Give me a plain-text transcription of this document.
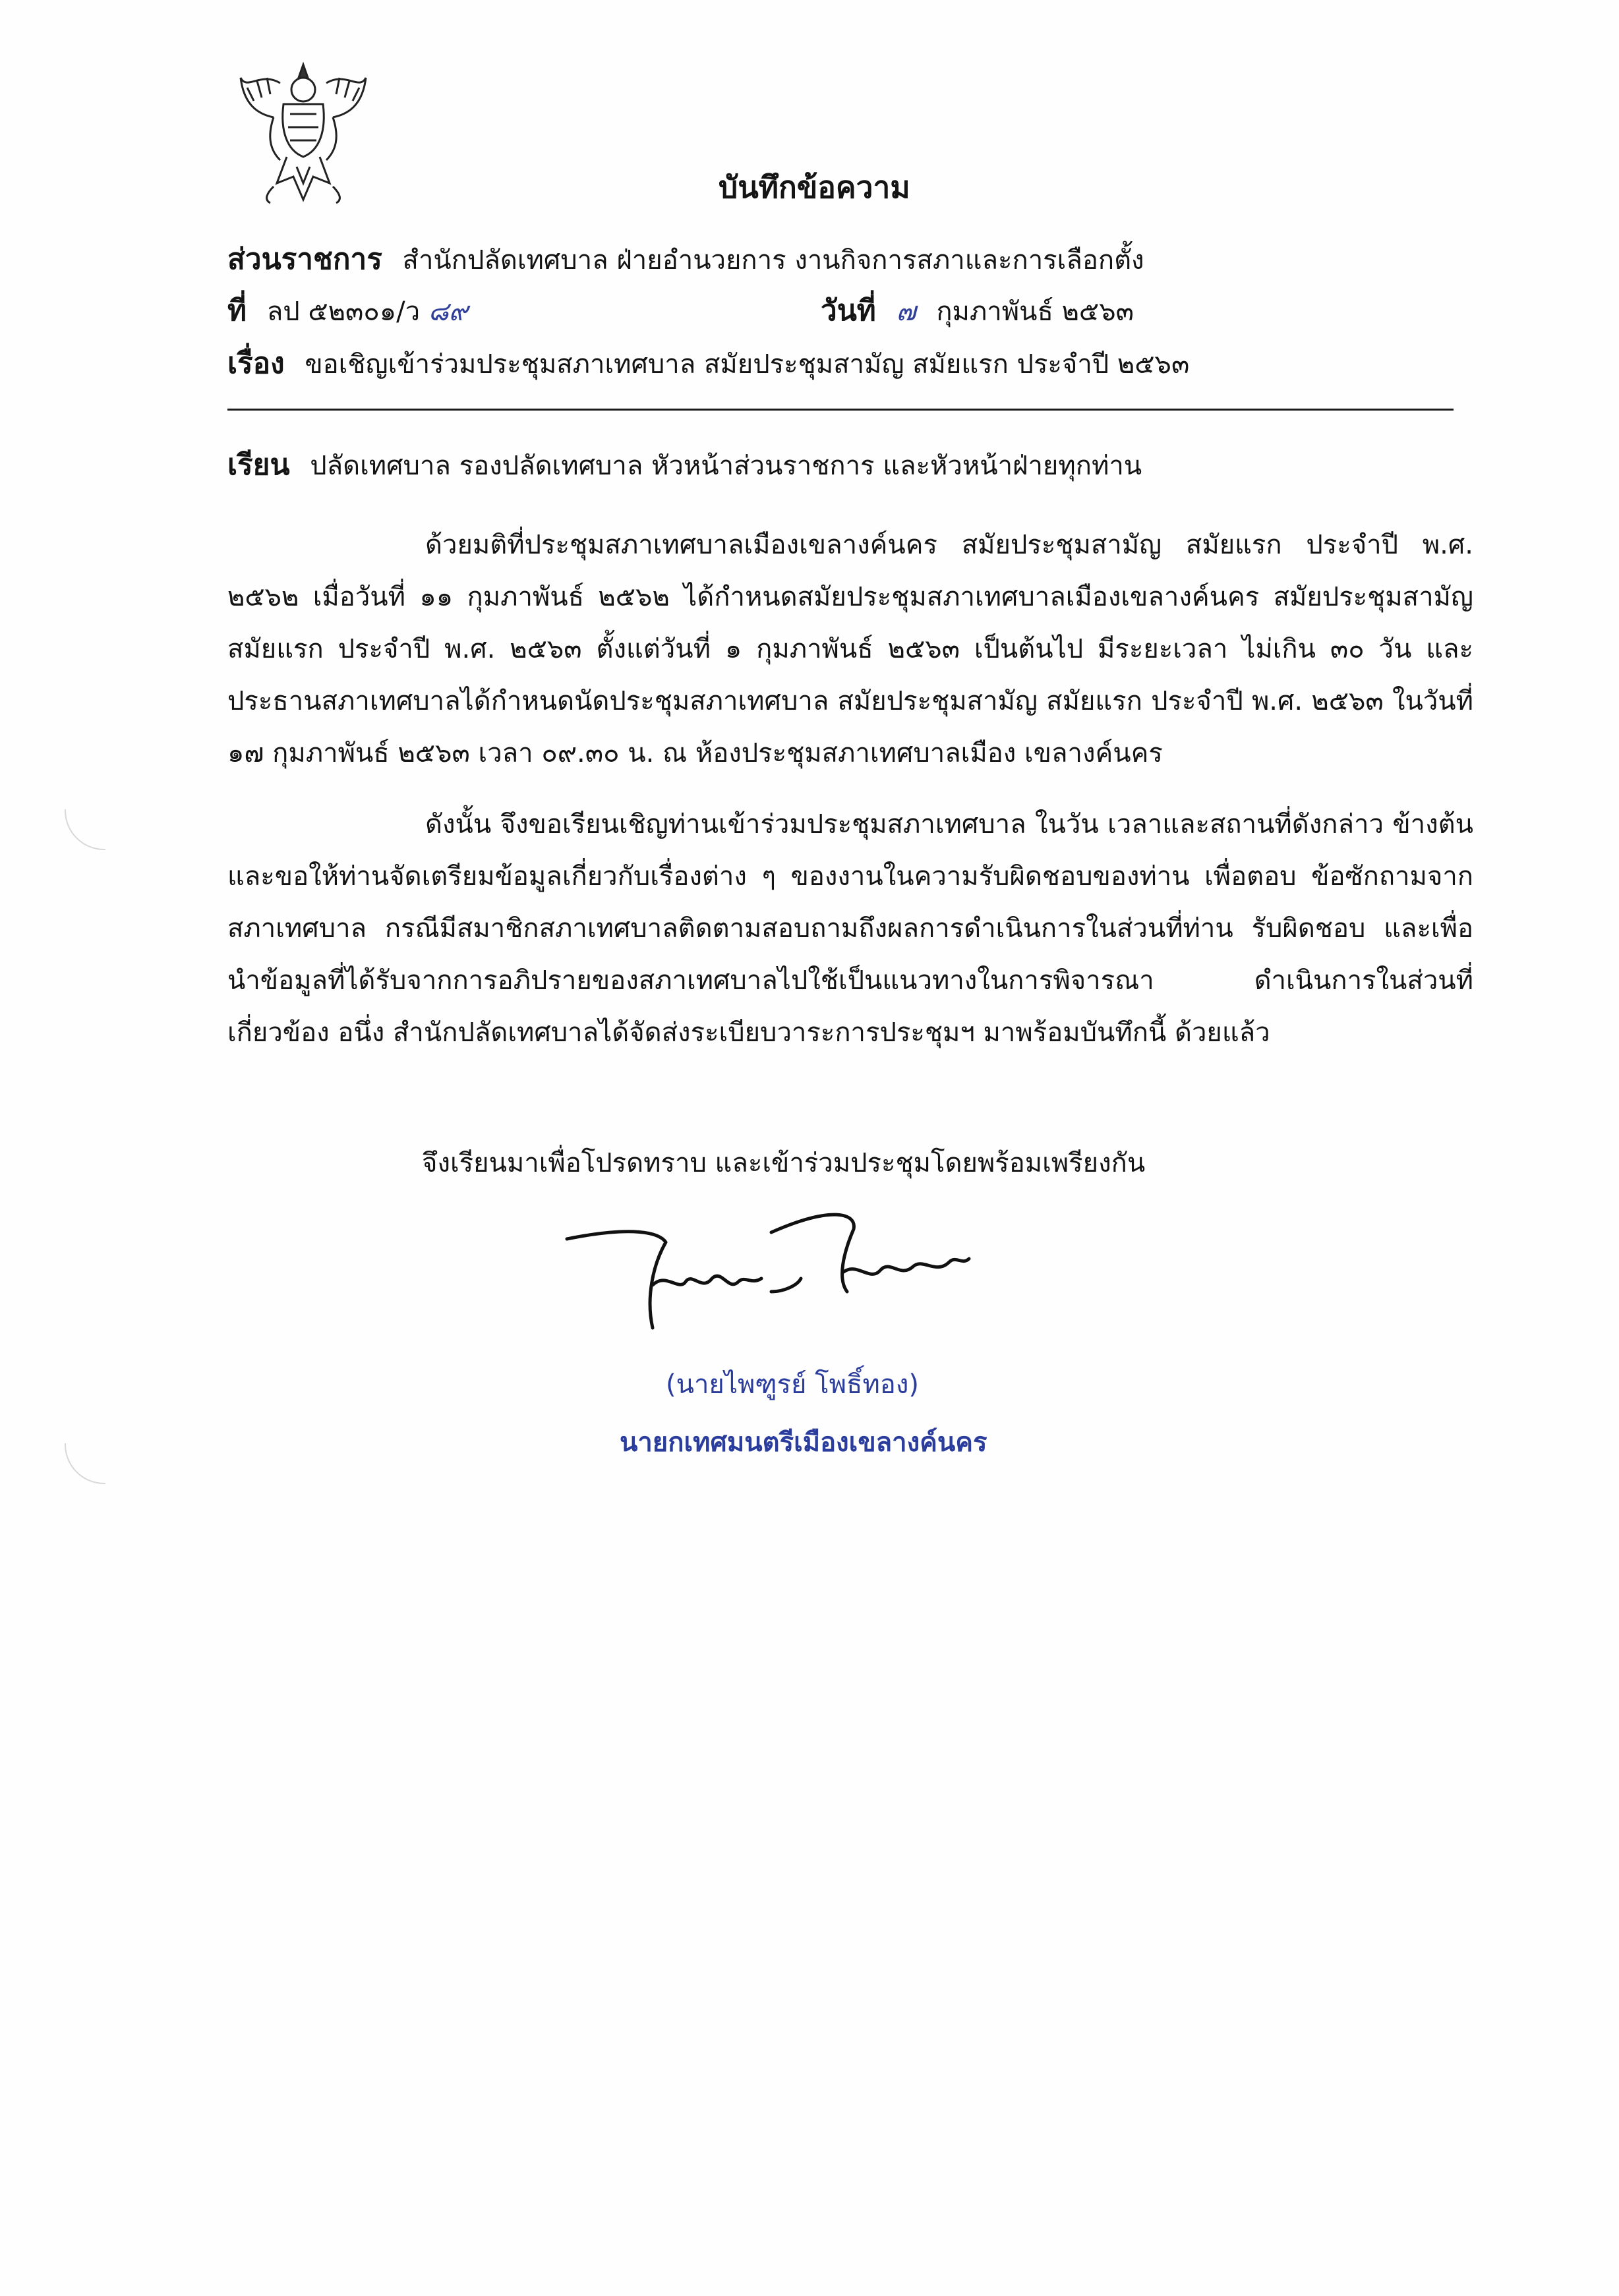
บันทึกข้อความ
ส่วนราชการ สำนักปลัดเทศบาล ฝ่ายอำนวยการ งานกิจการสภาและการเลือกตั้ง
ที่ ลป ๕๒๓๐๑/ว ๘๙	วันที่ ๗ กุมภาพันธ์ ๒๕๖๓
เรื่อง ขอเชิญเข้าร่วมประชุมสภาเทศบาล สมัยประชุมสามัญ สมัยแรก ประจำปี ๒๕๖๓
เรียน ปลัดเทศบาล รองปลัดเทศบาล หัวหน้าส่วนราชการ และหัวหน้าฝ่ายทุกท่าน

ด้วยมติที่ประชุมสภาเทศบาลเมืองเขลางค์นคร สมัยประชุมสามัญ สมัยแรก ประจำปี พ.ศ. ๒๕๖๒ เมื่อวันที่ ๑๑ กุมภาพันธ์ ๒๕๖๒ ได้กำหนดสมัยประชุมสภาเทศบาลเมืองเขลางค์นคร สมัยประชุมสามัญ สมัยแรก ประจำปี พ.ศ. ๒๕๖๓ ตั้งแต่วันที่ ๑ กุมภาพันธ์ ๒๕๖๓ เป็นต้นไป มีระยะเวลา ไม่เกิน ๓๐ วัน และประธานสภาเทศบาลได้กำหนดนัดประชุมสภาเทศบาล สมัยประชุมสามัญ สมัยแรก ประจำปี พ.ศ. ๒๕๖๓ ในวันที่ ๑๗ กุมภาพันธ์ ๒๕๖๓ เวลา ๐๙.๓๐ น. ณ ห้องประชุมสภาเทศบาลเมือง เขลางค์นคร

ดังนั้น จึงขอเรียนเชิญท่านเข้าร่วมประชุมสภาเทศบาล ในวัน เวลาและสถานที่ดังกล่าว ข้างต้น และขอให้ท่านจัดเตรียมข้อมูลเกี่ยวกับเรื่องต่าง ๆ ของงานในความรับผิดชอบของท่าน เพื่อตอบ ข้อซักถามจากสภาเทศบาล กรณีมีสมาชิกสภาเทศบาลติดตามสอบถามถึงผลการดำเนินการในส่วนที่ท่าน รับผิดชอบ และเพื่อนำข้อมูลที่ได้รับจากการอภิปรายของสภาเทศบาลไปใช้เป็นแนวทางในการพิจารณา ดำเนินการในส่วนที่เกี่ยวข้อง อนึ่ง สำนักปลัดเทศบาลได้จัดส่งระเบียบวาระการประชุมฯ มาพร้อมบันทึกนี้ ด้วยแล้ว

จึงเรียนมาเพื่อโปรดทราบ และเข้าร่วมประชุมโดยพร้อมเพรียงกัน
(นายไพฑูรย์ โพธิ์ทอง)
นายกเทศมนตรีเมืองเขลางค์นคร
